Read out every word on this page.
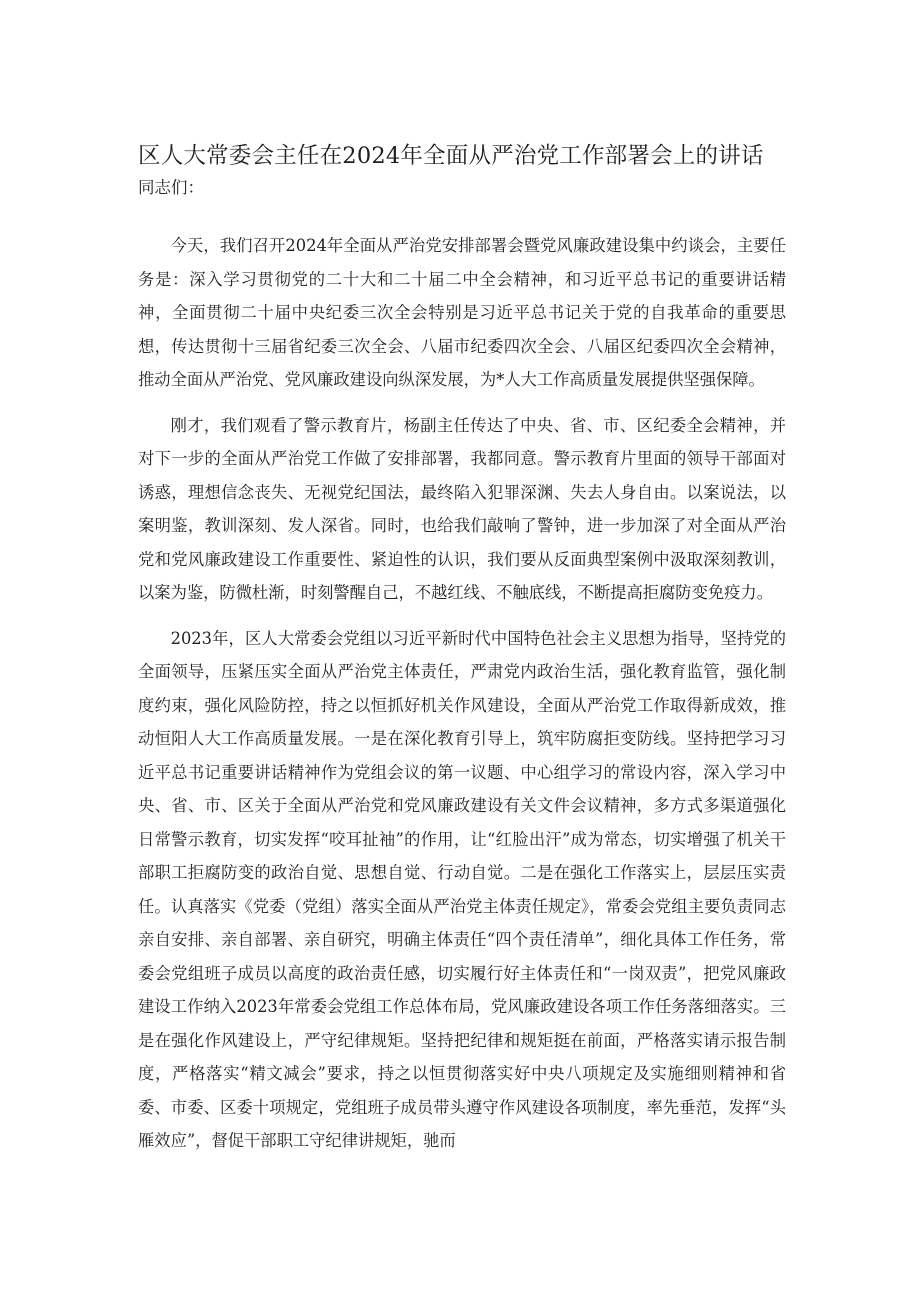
区人大常委会主任在2024年全面从严治党工作部署会上的讲话
同志们：

今天，我们召开2024年全面从严治党安排部署会暨党风廉政建设集中约谈会，主要任务是：深入学习贯彻党的二十大和二十届二中全会精神，和习近平总书记的重要讲话精神，全面贯彻二十届中央纪委三次全会特别是习近平总书记关于党的自我革命的重要思想，传达贯彻十三届省纪委三次全会、八届市纪委四次全会、八届区纪委四次全会精神，推动全面从严治党、党风廉政建设向纵深发展，为*人大工作高质量发展提供坚强保障。

刚才，我们观看了警示教育片，杨副主任传达了中央、省、市、区纪委全会精神，并对下一步的全面从严治党工作做了安排部署，我都同意。警示教育片里面的领导干部面对诱惑，理想信念丧失、无视党纪国法，最终陷入犯罪深渊、失去人身自由。以案说法，以案明鉴，教训深刻、发人深省。同时，也给我们敲响了警钟，进一步加深了对全面从严治党和党风廉政建设工作重要性、紧迫性的认识，我们要从反面典型案例中汲取深刻教训，以案为鉴，防微杜渐，时刻警醒自己，不越红线、不触底线，不断提高拒腐防变免疫力。

2023年，区人大常委会党组以习近平新时代中国特色社会主义思想为指导，坚持党的全面领导，压紧压实全面从严治党主体责任，严肃党内政治生活，强化教育监管，强化制度约束，强化风险防控，持之以恒抓好机关作风建设，全面从严治党工作取得新成效，推动恒阳人大工作高质量发展。一是在深化教育引导上，筑牢防腐拒变防线。坚持把学习习近平总书记重要讲话精神作为党组会议的第一议题、中心组学习的常设内容，深入学习中央、省、市、区关于全面从严治党和党风廉政建设有关文件会议精神，多方式多渠道强化日常警示教育，切实发挥“咬耳扯袖”的作用，让“红脸出汗”成为常态，切实增强了机关干部职工拒腐防变的政治自觉、思想自觉、行动自觉。二是在强化工作落实上，层层压实责任。认真落实《党委（党组）落实全面从严治党主体责任规定》，常委会党组主要负责同志亲自安排、亲自部署、亲自研究，明确主体责任“四个责任清单”，细化具体工作任务，常委会党组班子成员以高度的政治责任感，切实履行好主体责任和“一岗双责”，把党风廉政建设工作纳入2023年常委会党组工作总体布局，党风廉政建设各项工作任务落细落实。三是在强化作风建设上，严守纪律规矩。坚持把纪律和规矩挺在前面，严格落实请示报告制度，严格落实“精文减会”要求，持之以恒贯彻落实好中央八项规定及实施细则精神和省委、市委、区委十项规定，党组班子成员带头遵守作风建设各项制度，率先垂范，发挥“头雁效应”，督促干部职工守纪律讲规矩，驰而
